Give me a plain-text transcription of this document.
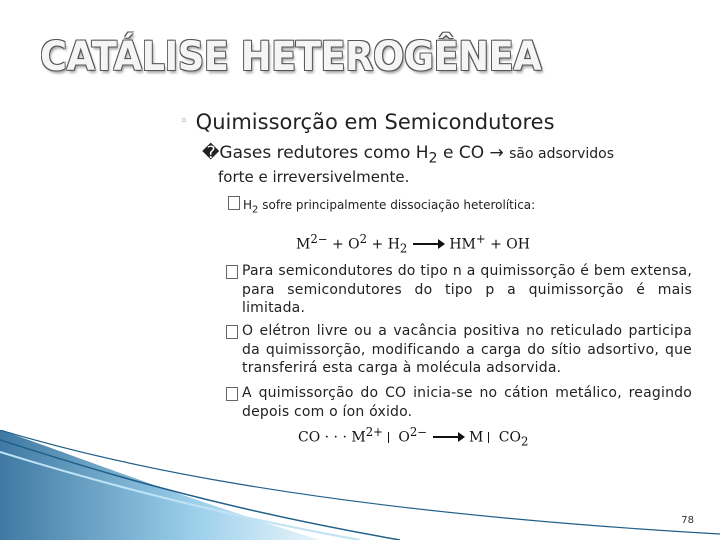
CATÁLISE HETEROGÊNEA
◦ Quimissorção em Semicondutores
�Gases redutores como $H_2$ e CO → são adsorvidos
forte e irreversivelmente.
$H_2$ sofre principalmente dissociação heterolítica:
$M^{2-} + O^2 + H_2 \to HM^+$ + OH
Para semicondutores do tipo n a quimissorção é bem extensa, para semicondutores do tipo p a quimissorção é mais limitada.
O elétron livre ou a vacância positiva no reticulado participa da quimissorção, modificando a carga do sítio adsortivo, que transferirá esta carga à molécula adsorvida.
A quimissorção do CO inicia-se no cátion metálico, reagindo depois com o íon óxido.
CO · · · $M^{2+}$ $O^{2-} \to M$ $CO_2$
78
